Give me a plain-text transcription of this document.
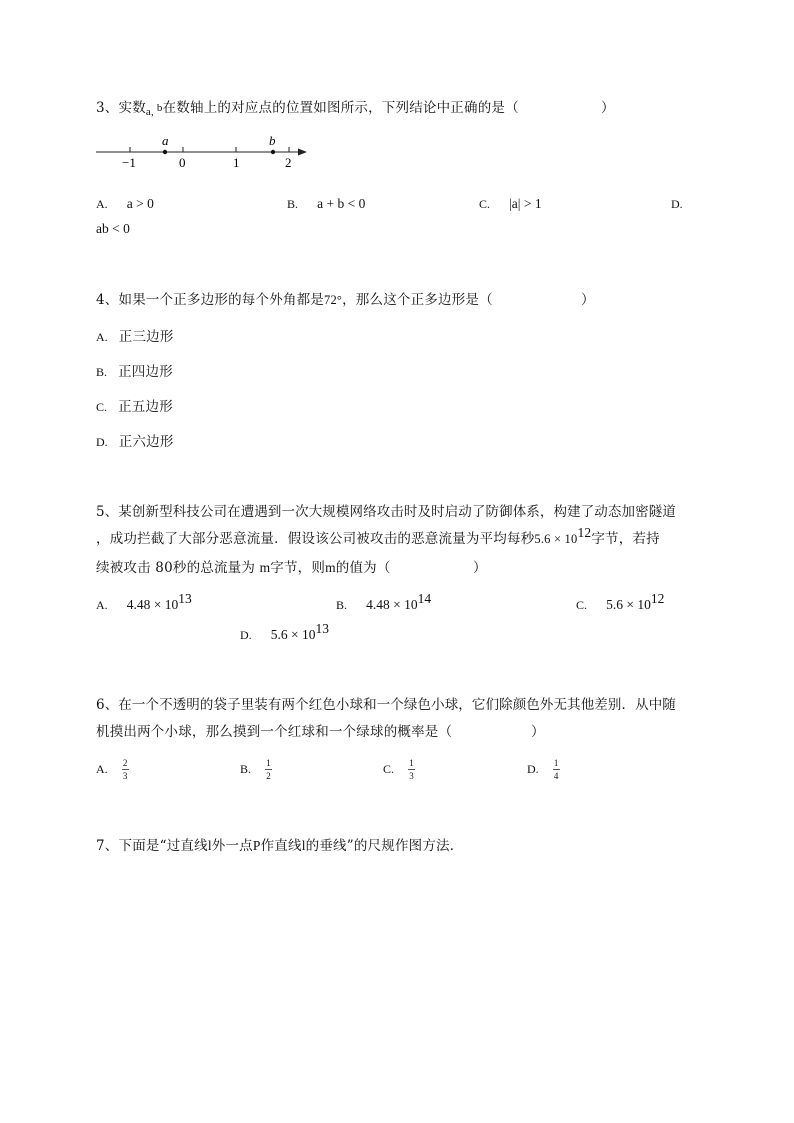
3、实数$_{a,}$ b在数轴上的对应点的位置如图所示，下列结论中正确的是（	）
a	b
−1	0	1	2
A. a > 0	B. a + b < 0	C. |a| > 1	D.
ab < 0
4、如果一个正多边形的每个外角都是72°，那么这个正多边形是（	）
A. 正三边形
B. 正四边形
C. 正五边形
D. 正六边形
5、某创新型科技公司在遭遇到一次大规模网络攻击时及时启动了防御体系，构建了动态加密隧道
，成功拦截了大部分恶意流量．假设该公司被攻击的恶意流量为平均每秒$5.6 \times 10^{12}$字节，若持
续被攻击 80秒的总流量为 m字节，则m的值为（	）
A. $4.48 \times 10^{13}$	B. $4.48 \times 10^{14}$	C. $5.6 \times 10^{12}$
D. $5.6 \times 10^{13}$
6、在一个不透明的袋子里装有两个红色小球和一个绿色小球，它们除颜色外无其他差别．从中随
机摸出两个小球，那么摸到一个红球和一个绿球的概率是（	）
A. $\frac{2}{3}$	B. $\frac{1}{2}$	C. $\frac{1}{3}$	D. $\frac{1}{4}$
7、下面是“过直线l外一点P作直线l的垂线”的尺规作图方法．
